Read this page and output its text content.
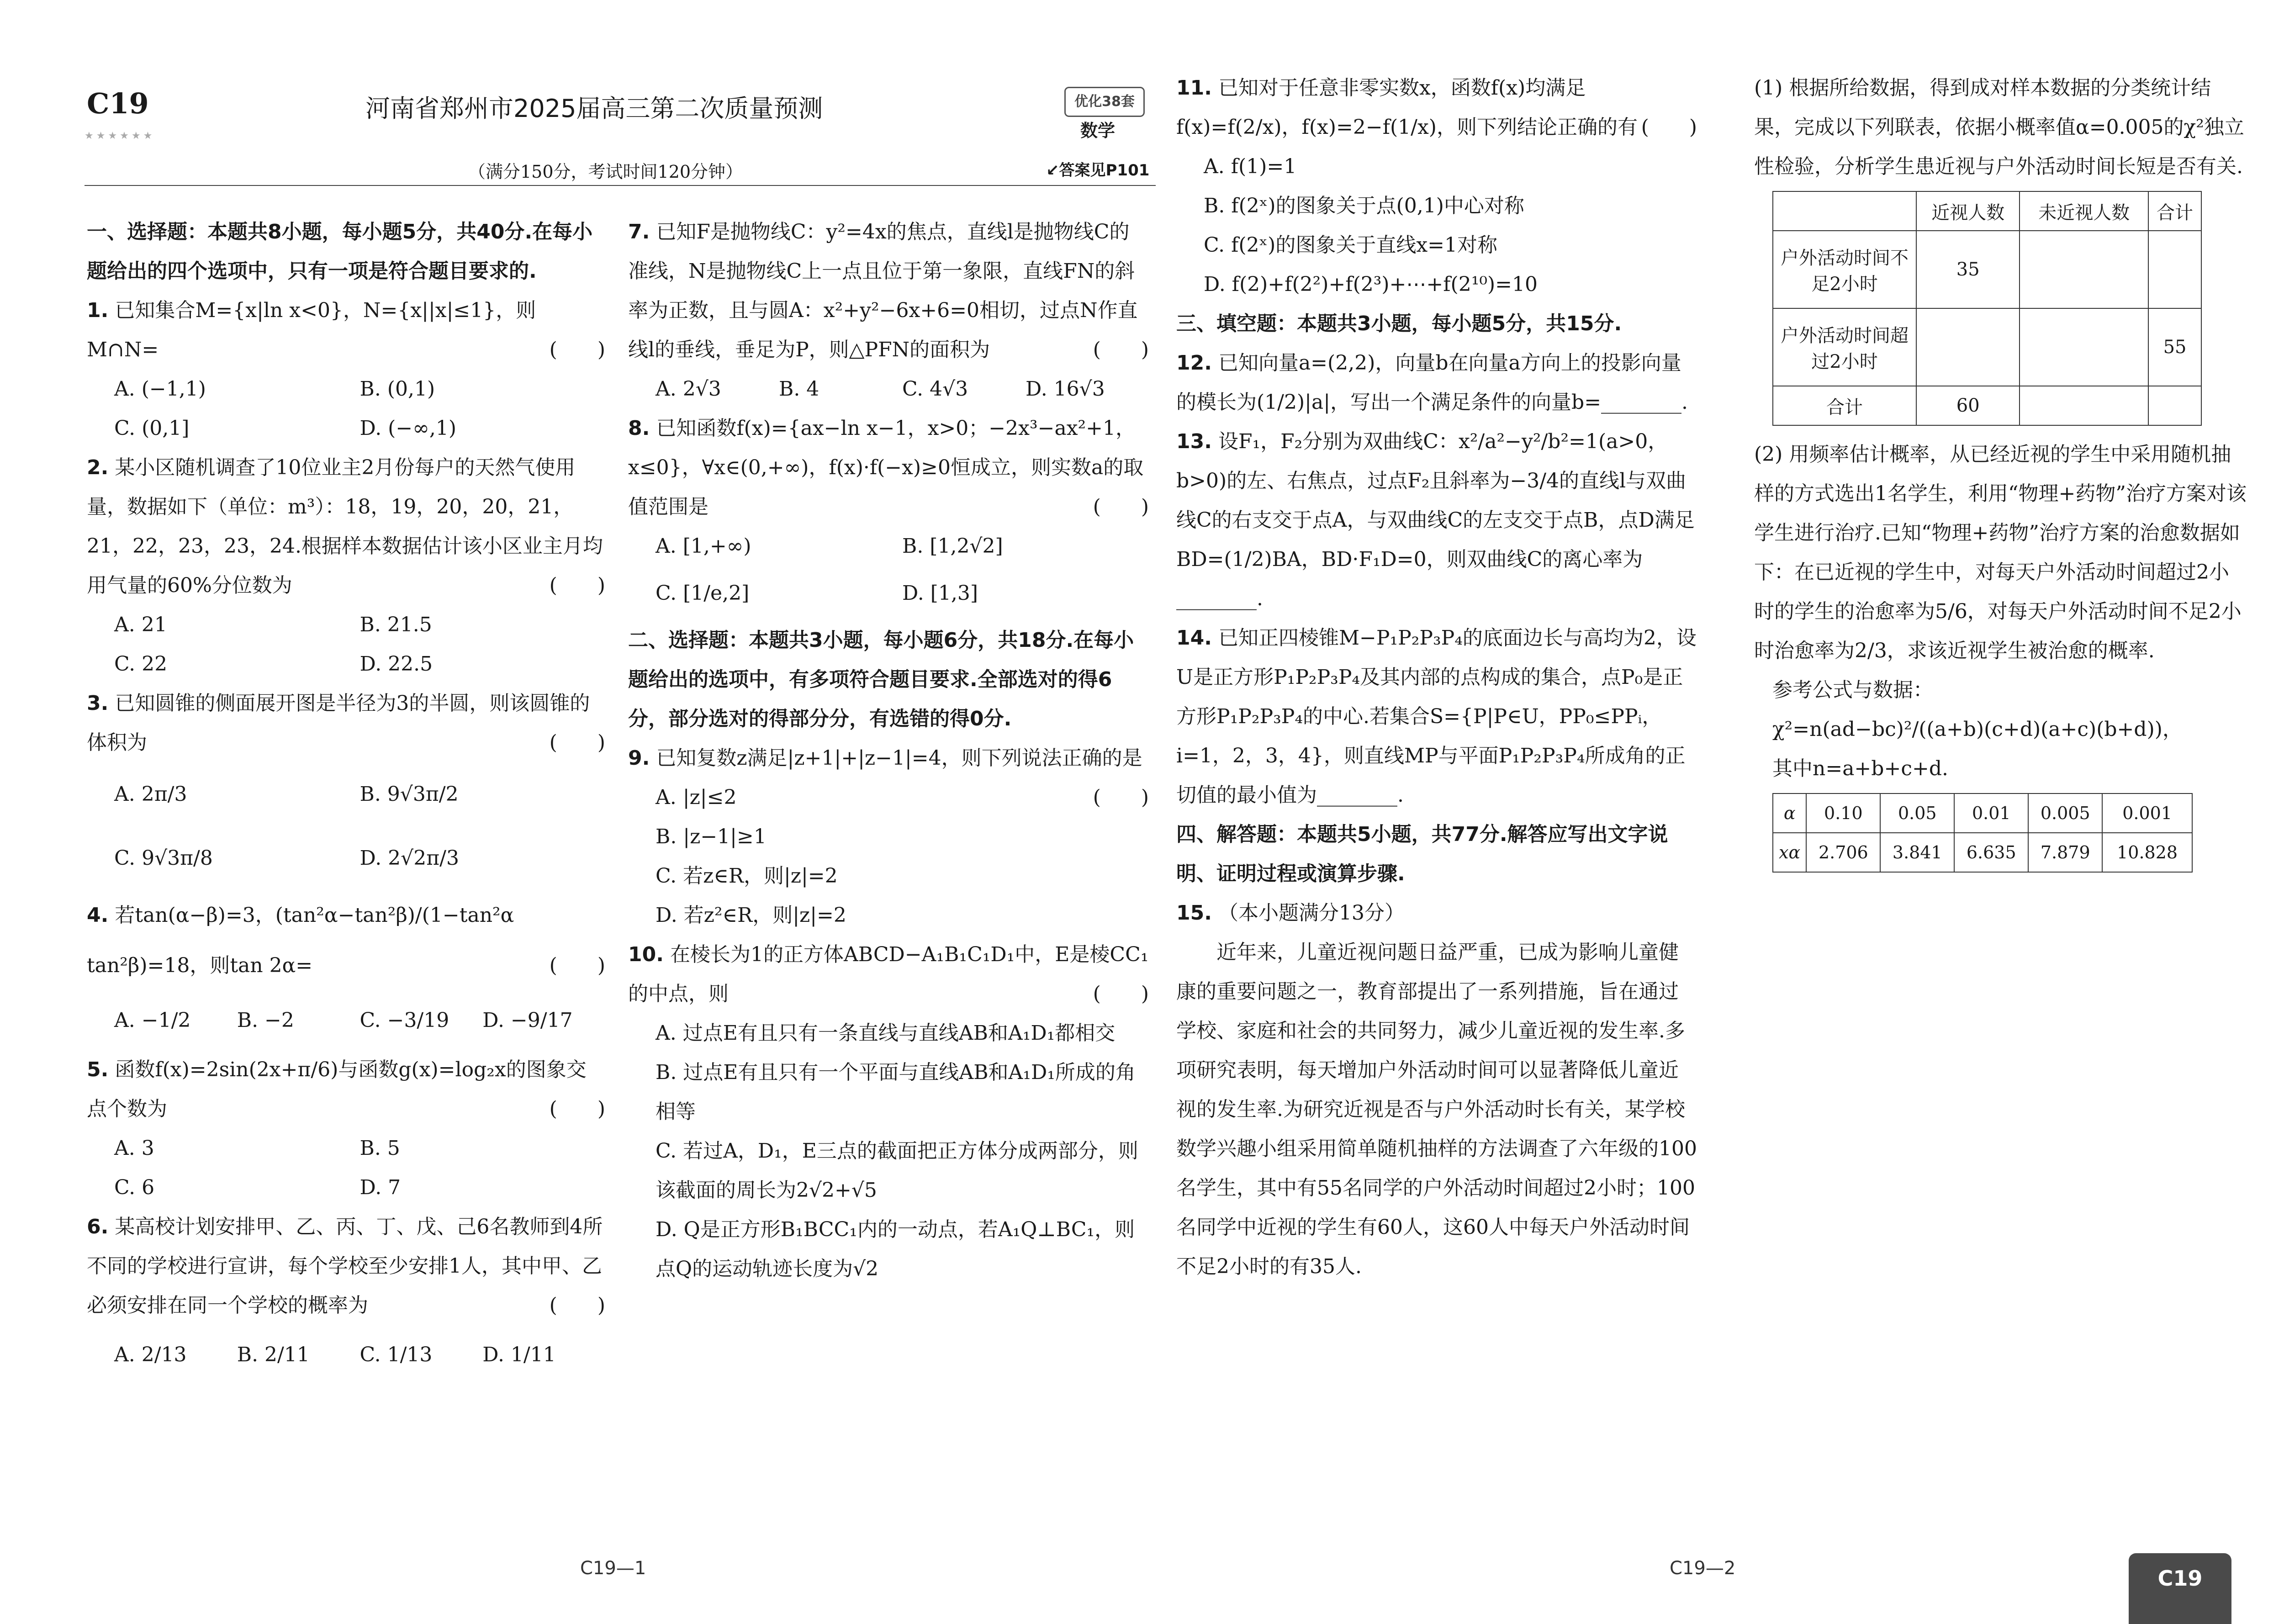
C19
★★★★★★
河南省郑州市2025届高三第二次质量预测	优化38套
数学
（满分150分，考试时间120分钟）	↙答案见P101
一、选择题：本题共8小题，每小题5分，共40分.在每小题给出的四个选项中，只有一项是符合题目要求的.
1. 已知集合M={x|ln x<0}，N={x||x|≤1}，则M∩N=	(　　)
A. (−1,1)	B. (0,1)
C. (0,1]	D. (−∞,1)
2. 某小区随机调查了10位业主2月份每户的天然气使用量，数据如下（单位：m³）：18，19，20，20，21，21，22，23，23，24.根据样本数据估计该小区业主月均用气量的60%分位数为	(　　)
A. 21	B. 21.5
C. 22	D. 22.5
3. 已知圆锥的侧面展开图是半径为3的半圆，则该圆锥的体积为	(　　)
A. 2π/3	B. 9√3π/2
C. 9√3π/8	D. 2√2π/3
4. 若tan(α−β)=3，(tan²α−tan²β)/(1−tan²α tan²β)=18，则tan 2α=	(　　)
A. −1/2	B. −2	C. −3/19	D. −9/17
5. 函数f(x)=2sin(2x+π/6)与函数g(x)=log₂x的图象交点个数为	(　　)
A. 3	B. 5
C. 6	D. 7
6. 某高校计划安排甲、乙、丙、丁、戊、己6名教师到4所不同的学校进行宣讲，每个学校至少安排1人，其中甲、乙必须安排在同一个学校的概率为	(　　)
A. 2/13	B. 2/11	C. 1/13	D. 1/11
7. 已知F是抛物线C：y²=4x的焦点，直线l是抛物线C的准线，N是抛物线C上一点且位于第一象限，直线FN的斜率为正数，且与圆A：x²+y²−6x+6=0相切，过点N作直线l的垂线，垂足为P，则△PFN的面积为	(　　)
A. 2√3	B. 4	C. 4√3	D. 16√3
8. 已知函数f(x)={ax−ln x−1，x>0；−2x³−ax²+1，x≤0}，∀x∈(0,+∞)，f(x)·f(−x)≥0恒成立，则实数a的取值范围是	(　　)
A. [1,+∞)	B. [1,2√2]
C. [1/e,2]	D. [1,3]
二、选择题：本题共3小题，每小题6分，共18分.在每小题给出的选项中，有多项符合题目要求.全部选对的得6分，部分选对的得部分分，有选错的得0分.
9. 已知复数z满足|z+1|+|z−1|=4，则下列说法正确的是
(　　)
A. |z|≤2
B. |z−1|≥1
C. 若z∈R，则|z|=2
D. 若z²∈R，则|z|=2
10. 在棱长为1的正方体ABCD−A₁B₁C₁D₁中，E是棱CC₁的中点，则	(　　)
A. 过点E有且只有一条直线与直线AB和A₁D₁都相交
B. 过点E有且只有一个平面与直线AB和A₁D₁所成的角相等
C. 若过A，D₁，E三点的截面把正方体分成两部分，则该截面的周长为2√2+√5
D. Q是正方形B₁BCC₁内的一动点，若A₁Q⊥BC₁，则点Q的运动轨迹长度为√2
C19—1
11. 已知对于任意非零实数x，函数f(x)均满足f(x)=f(2/x)，f(x)=2−f(1/x)，则下列结论正确的有 (　　)
A. f(1)=1
B. f(2ˣ)的图象关于点(0,1)中心对称
C. f(2ˣ)的图象关于直线x=1对称
D. f(2)+f(2²)+f(2³)+⋯+f(2¹⁰)=10
三、填空题：本题共3小题，每小题5分，共15分.
12. 已知向量a=(2,2)，向量b在向量a方向上的投影向量的模长为(1/2)|a|，写出一个满足条件的向量b=________.
13. 设F₁，F₂分别为双曲线C：x²/a²−y²/b²=1(a>0，b>0)的左、右焦点，过点F₂且斜率为−3/4的直线l与双曲线C的右支交于点A，与双曲线C的左支交于点B，点D满足BD=(1/2)BA，BD·F₁D=0，则双曲线C的离心率为________.
14. 已知正四棱锥M−P₁P₂P₃P₄的底面边长与高均为2，设U是正方形P₁P₂P₃P₄及其内部的点构成的集合，点P₀是正方形P₁P₂P₃P₄的中心.若集合S={P|P∈U，PP₀≤PPᵢ，i=1，2，3，4}，则直线MP与平面P₁P₂P₃P₄所成角的正切值的最小值为________.
四、解答题：本题共5小题，共77分.解答应写出文字说明、证明过程或演算步骤.
15. （本小题满分13分）
近年来，儿童近视问题日益严重，已成为影响儿童健康的重要问题之一，教育部提出了一系列措施，旨在通过学校、家庭和社会的共同努力，减少儿童近视的发生率.多项研究表明，每天增加户外活动时间可以显著降低儿童近视的发生率.为研究近视是否与户外活动时长有关，某学校数学兴趣小组采用简单随机抽样的方法调查了六年级的100名学生，其中有55名同学的户外活动时间超过2小时；100名同学中近视的学生有60人，这60人中每天户外活动时间不足2小时的有35人.
C19—2
(1) 根据所给数据，得到成对样本数据的分类统计结果，完成以下列联表，依据小概率值α=0.005的χ²独立性检验，分析学生患近视与户外活动时间长短是否有关.
	近视人数	未近视人数	合计
户外活动时间不足2小时	35		
户外活动时间超过2小时			55
合计	60		
(2) 用频率估计概率，从已经近视的学生中采用随机抽样的方式选出1名学生，利用“物理+药物”治疗方案对该学生进行治疗.已知“物理+药物”治疗方案的治愈数据如下：在已近视的学生中，对每天户外活动时间超过2小时的学生的治愈率为5/6，对每天户外活动时间不足2小时治愈率为2/3，求该近视学生被治愈的概率.
参考公式与数据：
χ²=n(ad−bc)²/((a+b)(c+d)(a+c)(b+d))，
其中n=a+b+c+d.
α	0.10	0.05	0.01	0.005	0.001
xα	2.706	3.841	6.635	7.879	10.828
C19
